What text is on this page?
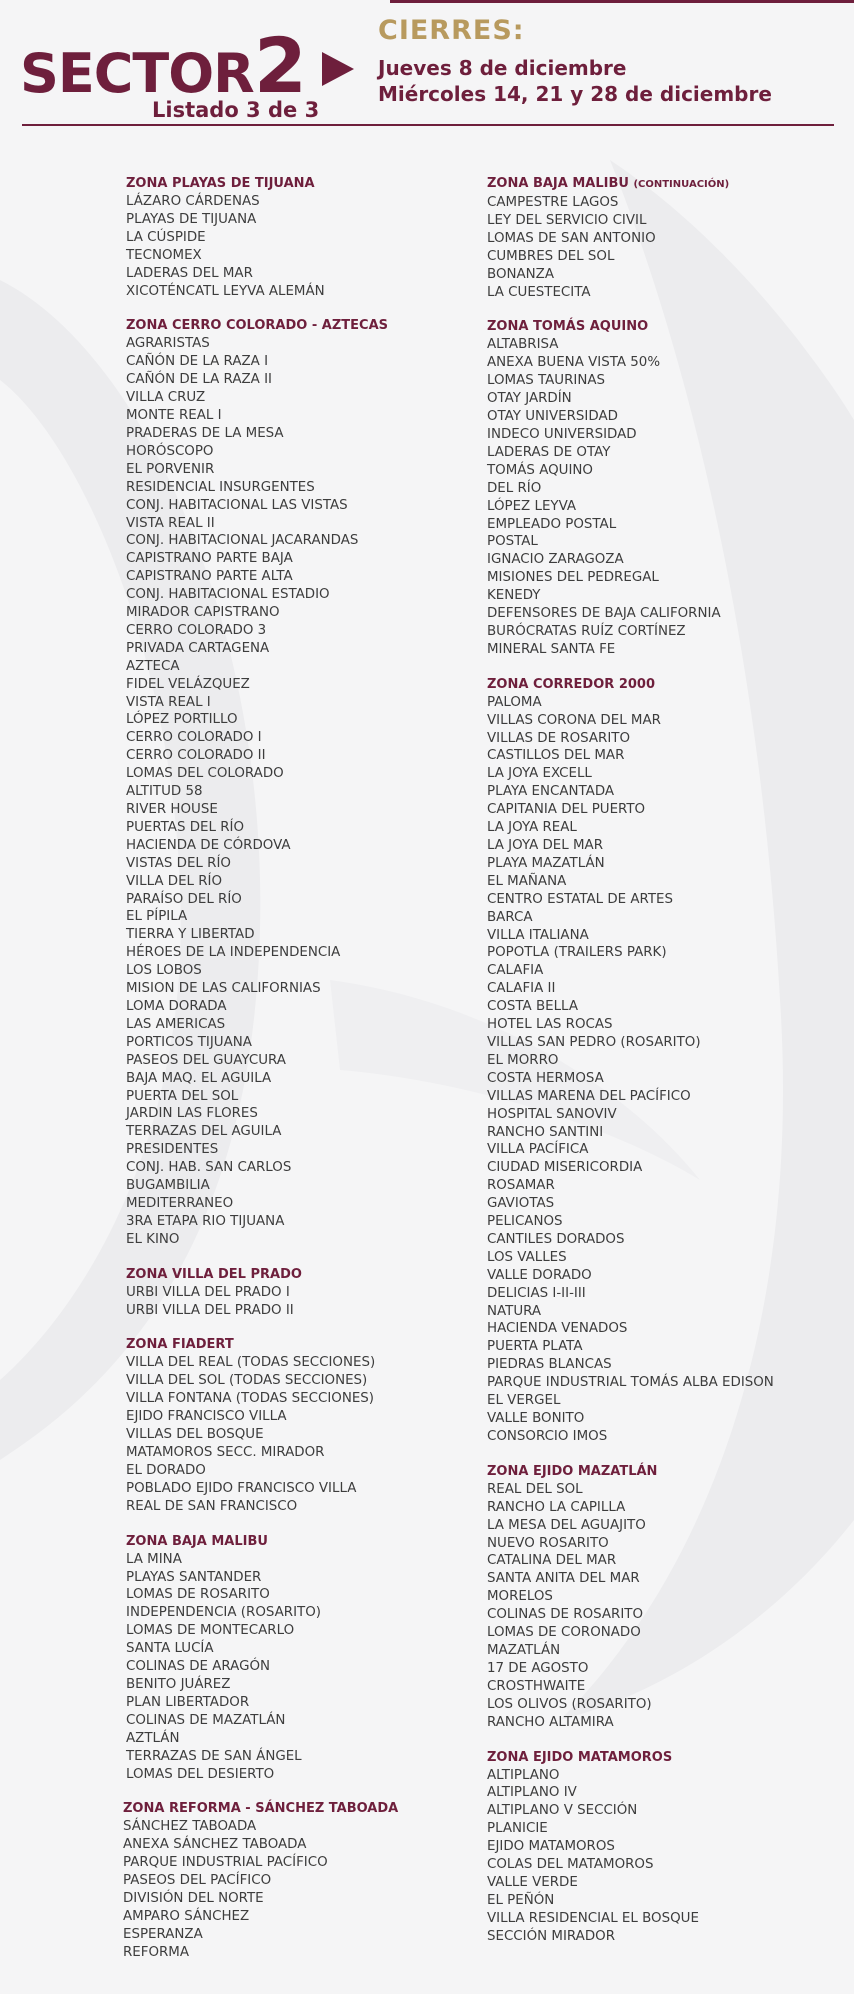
SECTOR 2
Listado 3 de 3
CIERRES:
Jueves 8 de diciembre
Miércoles 14, 21 y 28 de diciembre
ZONA PLAYAS DE TIJUANA
LÁZARO CÁRDENAS
PLAYAS DE TIJUANA
LA CÚSPIDE
TECNOMEX
LADERAS DEL MAR
XICOTÉNCATL LEYVA ALEMÁN
ZONA CERRO COLORADO - AZTECAS
AGRARISTAS
CAÑÓN DE LA RAZA I
CAÑÓN DE LA RAZA II
VILLA CRUZ
MONTE REAL I
PRADERAS DE LA MESA
HORÓSCOPO
EL PORVENIR
RESIDENCIAL INSURGENTES
CONJ. HABITACIONAL LAS VISTAS
VISTA REAL II
CONJ. HABITACIONAL JACARANDAS
CAPISTRANO PARTE BAJA
CAPISTRANO PARTE ALTA
CONJ. HABITACIONAL ESTADIO
MIRADOR CAPISTRANO
CERRO COLORADO 3
PRIVADA CARTAGENA
AZTECA
FIDEL VELÁZQUEZ
VISTA REAL I
LÓPEZ PORTILLO
CERRO COLORADO I
CERRO COLORADO II
LOMAS DEL COLORADO
ALTITUD 58
RIVER HOUSE
PUERTAS DEL RÍO
HACIENDA DE CÓRDOVA
VISTAS DEL RÍO
VILLA DEL RÍO
PARAÍSO DEL RÍO
EL PÍPILA
TIERRA Y LIBERTAD
HÉROES DE LA INDEPENDENCIA
LOS LOBOS
MISION DE LAS CALIFORNIAS
LOMA DORADA
LAS AMERICAS
PORTICOS TIJUANA
PASEOS DEL GUAYCURA
BAJA MAQ. EL AGUILA
PUERTA DEL SOL
JARDIN LAS FLORES
TERRAZAS DEL AGUILA
PRESIDENTES
CONJ. HAB. SAN CARLOS
BUGAMBILIA
MEDITERRANEO
3RA ETAPA RIO TIJUANA
EL KINO
ZONA VILLA DEL PRADO
URBI VILLA DEL PRADO I
URBI VILLA DEL PRADO II
ZONA FIADERT
VILLA DEL REAL (TODAS SECCIONES)
VILLA DEL SOL (TODAS SECCIONES)
VILLA FONTANA (TODAS SECCIONES)
EJIDO FRANCISCO VILLA
VILLAS DEL BOSQUE
MATAMOROS SECC. MIRADOR
EL DORADO
POBLADO EJIDO FRANCISCO VILLA
REAL DE SAN FRANCISCO
ZONA BAJA MALIBU
LA MINA
PLAYAS SANTANDER
LOMAS DE ROSARITO
INDEPENDENCIA (ROSARITO)
LOMAS DE MONTECARLO
SANTA LUCÍA
COLINAS DE ARAGÓN
BENITO JUÁREZ
PLAN LIBERTADOR
COLINAS DE MAZATLÁN
AZTLÁN
TERRAZAS DE SAN ÁNGEL
LOMAS DEL DESIERTO
ZONA REFORMA - SÁNCHEZ TABOADA
SÁNCHEZ TABOADA
ANEXA SÁNCHEZ TABOADA
PARQUE INDUSTRIAL PACÍFICO
PASEOS DEL PACÍFICO
DIVISIÓN DEL NORTE
AMPARO SÁNCHEZ
ESPERANZA
REFORMA
ZONA BAJA MALIBU (CONTINUACIÓN)
CAMPESTRE LAGOS
LEY DEL SERVICIO CIVIL
LOMAS DE SAN ANTONIO
CUMBRES DEL SOL
BONANZA
LA CUESTECITA
ZONA TOMÁS AQUINO
ALTABRISA
ANEXA BUENA VISTA 50%
LOMAS TAURINAS
OTAY JARDÍN
OTAY UNIVERSIDAD
INDECO UNIVERSIDAD
LADERAS DE OTAY
TOMÁS AQUINO
DEL RÍO
LÓPEZ LEYVA
EMPLEADO POSTAL
POSTAL
IGNACIO ZARAGOZA
MISIONES DEL PEDREGAL
KENEDY
DEFENSORES DE BAJA CALIFORNIA
BURÓCRATAS RUÍZ CORTÍNEZ
MINERAL SANTA FE
ZONA CORREDOR 2000
PALOMA
VILLAS CORONA DEL MAR
VILLAS DE ROSARITO
CASTILLOS DEL MAR
LA JOYA EXCELL
PLAYA ENCANTADA
CAPITANIA DEL PUERTO
LA JOYA REAL
LA JOYA DEL MAR
PLAYA MAZATLÁN
EL MAÑANA
CENTRO ESTATAL DE ARTES
BARCA
VILLA ITALIANA
POPOTLA (TRAILERS PARK)
CALAFIA
CALAFIA II
COSTA BELLA
HOTEL LAS ROCAS
VILLAS SAN PEDRO (ROSARITO)
EL MORRO
COSTA HERMOSA
VILLAS MARENA DEL PACÍFICO
HOSPITAL SANOVIV
RANCHO SANTINI
VILLA PACÍFICA
CIUDAD MISERICORDIA
ROSAMAR
GAVIOTAS
PELICANOS
CANTILES DORADOS
LOS VALLES
VALLE DORADO
DELICIAS I-II-III
NATURA
HACIENDA VENADOS
PUERTA PLATA
PIEDRAS BLANCAS
PARQUE INDUSTRIAL TOMÁS ALBA EDISON
EL VERGEL
VALLE BONITO
CONSORCIO IMOS
ZONA EJIDO MAZATLÁN
REAL DEL SOL
RANCHO LA CAPILLA
LA MESA DEL AGUAJITO
NUEVO ROSARITO
CATALINA DEL MAR
SANTA ANITA DEL MAR
MORELOS
COLINAS DE ROSARITO
LOMAS DE CORONADO
MAZATLÁN
17 DE AGOSTO
CROSTHWAITE
LOS OLIVOS (ROSARITO)
RANCHO ALTAMIRA
ZONA EJIDO MATAMOROS
ALTIPLANO
ALTIPLANO IV
ALTIPLANO V SECCIÓN
PLANICIE
EJIDO MATAMOROS
COLAS DEL MATAMOROS
VALLE VERDE
EL PEÑÓN
VILLA RESIDENCIAL EL BOSQUE
SECCIÓN MIRADOR
